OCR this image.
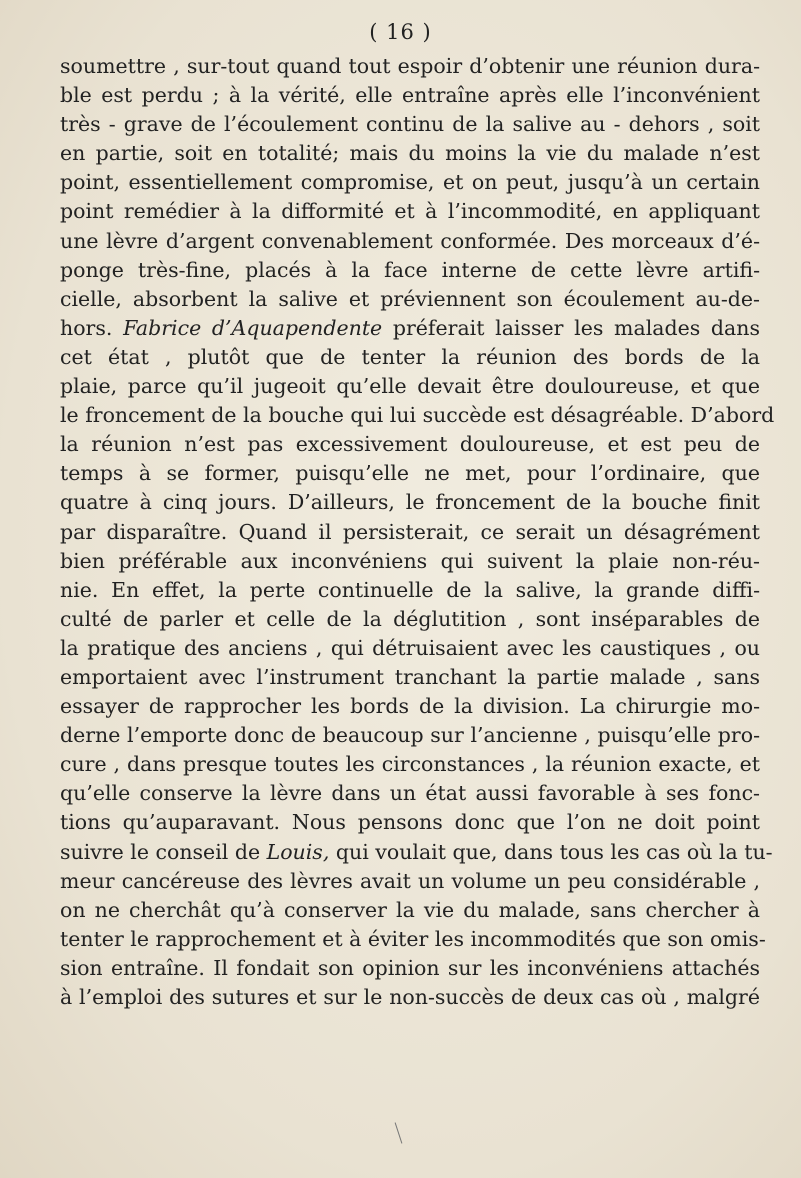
( 16 )
soumettre , sur-tout quand tout espoir d’obtenir une réunion dura-
ble est perdu ; à la vérité, elle entraîne après elle l’inconvénient
très - grave de l’écoulement continu de la salive au - dehors , soit
en partie, soit en totalité; mais du moins la vie du malade n’est
point, essentiellement compromise, et on peut, jusqu’à un certain
point remédier à la difformité et à l’incommodité, en appliquant
une lèvre d’argent convenablement conformée. Des morceaux d’é-
ponge très-fine, placés à la face interne de cette lèvre artifi-
cielle, absorbent la salive et préviennent son écoulement au-de-
hors. Fabrice d’Aquapendente préferait laisser les malades dans
cet état , plutôt que de tenter la réunion des bords de la
plaie, parce qu’il jugeoit qu’elle devait être douloureuse, et que
le froncement de la bouche qui lui succède est désagréable. D’abord
la réunion n’est pas excessivement douloureuse, et est peu de
temps à se former, puisqu’elle ne met, pour l’ordinaire, que
quatre à cinq jours. D’ailleurs, le froncement de la bouche finit
par disparaître. Quand il persisterait, ce serait un désagrément
bien préférable aux inconvéniens qui suivent la plaie non-réu-
nie. En effet, la perte continuelle de la salive, la grande diffi-
culté de parler et celle de la déglutition , sont inséparables de
la pratique des anciens , qui détruisaient avec les caustiques , ou
emportaient avec l’instrument tranchant la partie malade , sans
essayer de rapprocher les bords de la division. La chirurgie mo-
derne l’emporte donc de beaucoup sur l’ancienne , puisqu’elle pro-
cure , dans presque toutes les circonstances , la réunion exacte, et
qu’elle conserve la lèvre dans un état aussi favorable à ses fonc-
tions qu’auparavant. Nous pensons donc que l’on ne doit point
suivre le conseil de Louis, qui voulait que, dans tous les cas où la tu-
meur cancéreuse des lèvres avait un volume un peu considérable ,
on ne cherchât qu’à conserver la vie du malade, sans chercher à
tenter le rapprochement et à éviter les incommodités que son omis-
sion entraîne. Il fondait son opinion sur les inconvéniens attachés
à l’emploi des sutures et sur le non-succès de deux cas où , malgré
